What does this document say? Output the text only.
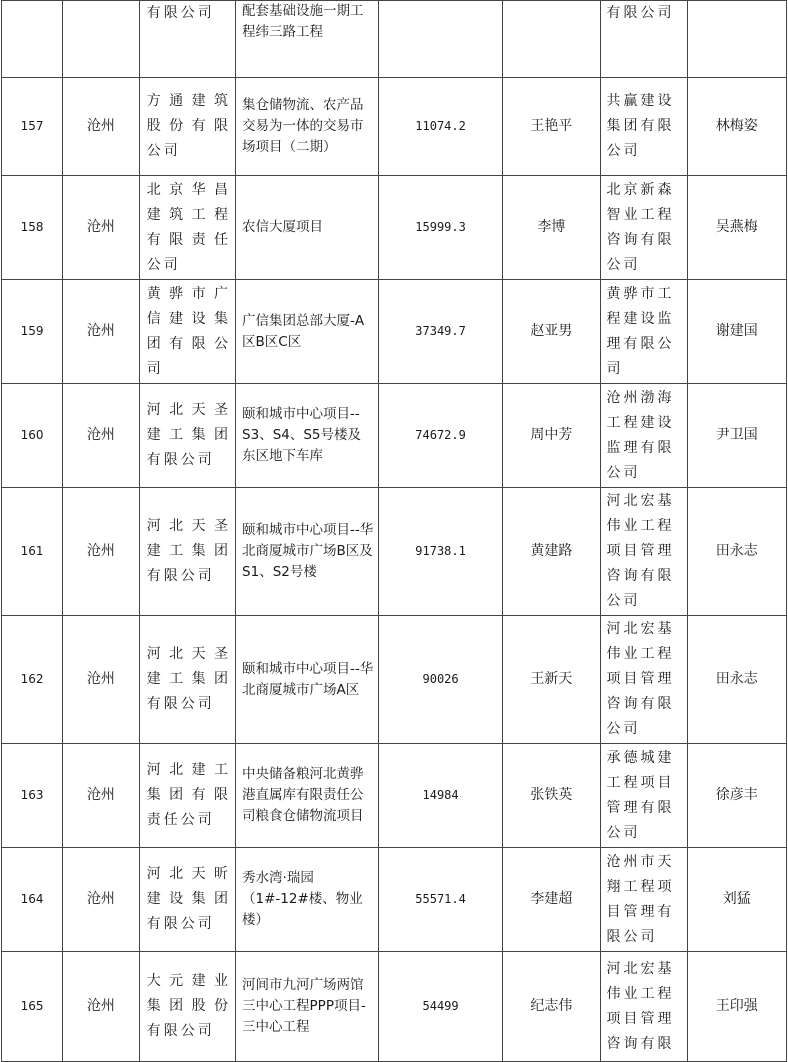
		有限公司	配套基础设施一期工程纬三路工程			有限公司	
157	沧州	方通建筑股份有限公司	集仓储物流、农产品交易为一体的交易市场项目（二期）	11074.2	王艳平	共赢建设集团有限公司	林梅姿
158	沧州	北京华昌建筑工程有限责任公司	农信大厦项目	15999.3	李博	北京新森智业工程咨询有限公司	吴燕梅
159	沧州	黄骅市广信建设集团有限公司	广信集团总部大厦-A区B区C区	37349.7	赵亚男	黄骅市工程建设监理有限公司	谢建国
160	沧州	河北天圣建工集团有限公司	颐和城市中心项目--S3、S4、S5号楼及东区地下车库	74672.9	周中芳	沧州渤海工程建设监理有限公司	尹卫国
161	沧州	河北天圣建工集团有限公司	颐和城市中心项目--华北商厦城市广场B区及S1、S2号楼	91738.1	黄建路	河北宏基伟业工程项目管理咨询有限公司	田永志
162	沧州	河北天圣建工集团有限公司	颐和城市中心项目--华北商厦城市广场A区	90026	王新天	河北宏基伟业工程项目管理咨询有限公司	田永志
163	沧州	河北建工集团有限责任公司	中央储备粮河北黄骅港直属库有限责任公司粮食仓储物流项目	14984	张铁英	承德城建工程项目管理有限公司	徐彦丰
164	沧州	河北天昕建设集团有限公司	秀水湾·瑞园（1#-12#楼、物业楼）	55571.4	李建超	沧州市天翔工程项目管理有限公司	刘猛
165	沧州	大元建业集团股份有限公司	河间市九河广场两馆三中心工程PPP项目-三中心工程	54499	纪志伟	河北宏基伟业工程项目管理咨询有限	王印强
